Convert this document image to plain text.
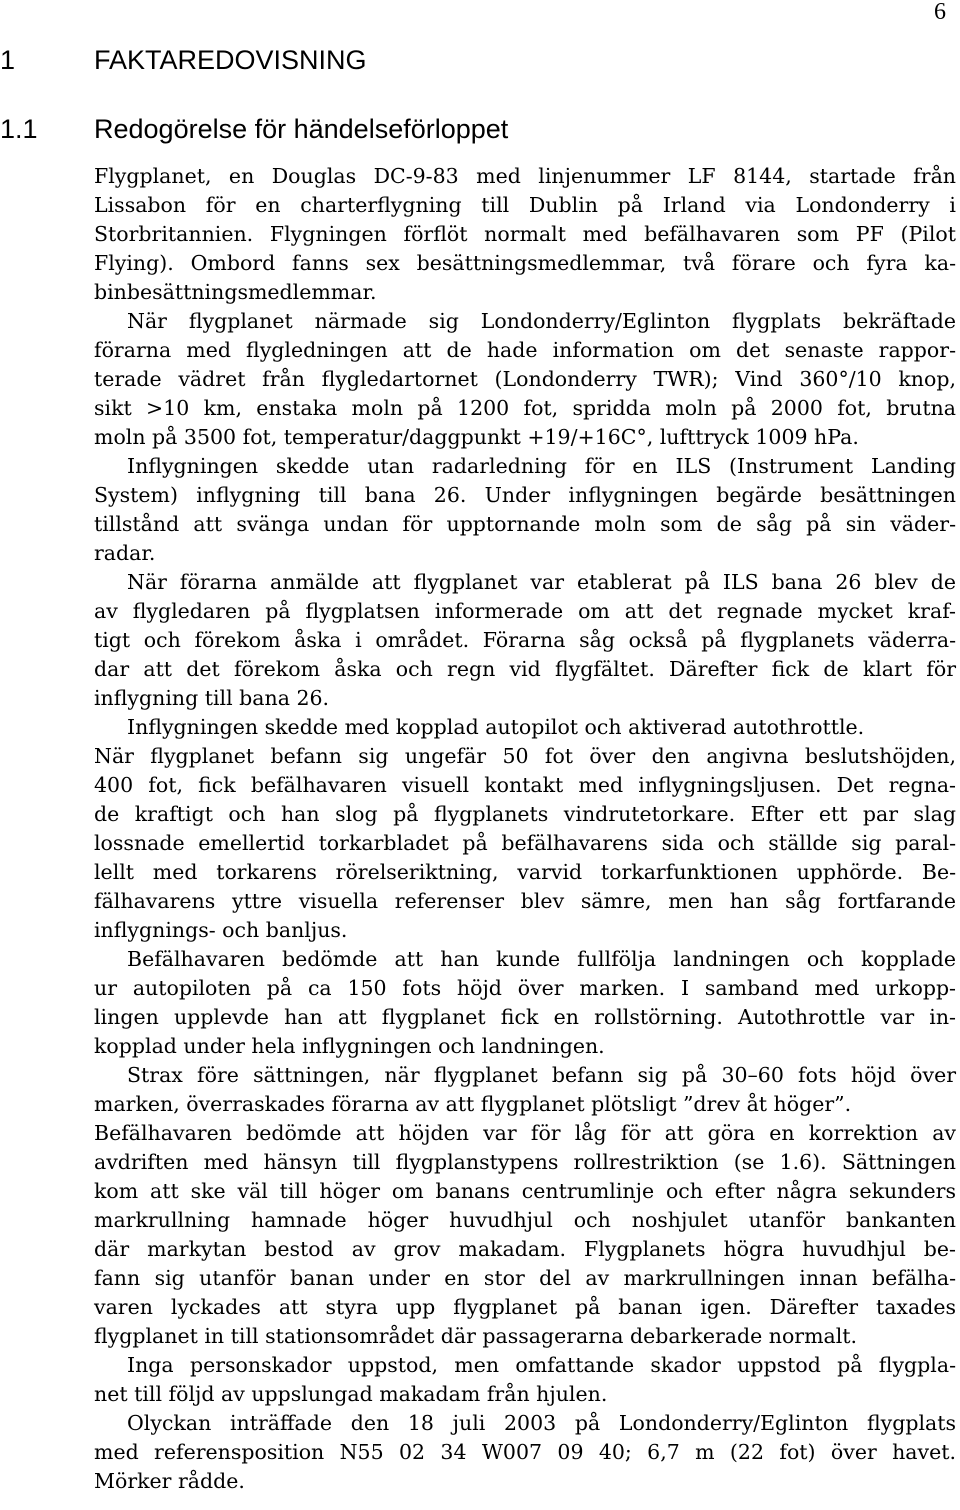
6
1	FAKTAREDOVISNING
1.1 Redogörelse för händelseförloppet
Flygplanet, en Douglas DC-9-83 med linjenummer LF 8144, startade från
Lissabon för en charterflygning till Dublin på Irland via Londonderry i
Storbritannien. Flygningen förflöt normalt med befälhavaren som PF (Pilot
Flying). Ombord fanns sex besättningsmedlemmar, två förare och fyra ka-
binbesättningsmedlemmar.
När flygplanet närmade sig Londonderry/Eglinton flygplats bekräftade
förarna med flygledningen att de hade information om det senaste rappor-
terade vädret från flygledartornet (Londonderry TWR); Vind 360°/10 knop,
sikt >10 km, enstaka moln på 1200 fot, spridda moln på 2000 fot, brutna
moln på 3500 fot, temperatur/daggpunkt +19/+16C°, lufttryck 1009 hPa.
Inflygningen skedde utan radarledning för en ILS (Instrument Landing
System) inflygning till bana 26. Under inflygningen begärde besättningen
tillstånd att svänga undan för upptornande moln som de såg på sin väder-
radar.
När förarna anmälde att flygplanet var etablerat på ILS bana 26 blev de
av flygledaren på flygplatsen informerade om att det regnade mycket kraf-
tigt och förekom åska i området. Förarna såg också på flygplanets väderra-
dar att det förekom åska och regn vid flygfältet. Därefter fick de klart för
inflygning till bana 26.
Inflygningen skedde med kopplad autopilot och aktiverad autothrottle.
När flygplanet befann sig ungefär 50 fot över den angivna beslutshöjden,
400 fot, fick befälhavaren visuell kontakt med inflygningsljusen. Det regna-
de kraftigt och han slog på flygplanets vindrutetorkare. Efter ett par slag
lossnade emellertid torkarbladet på befälhavarens sida och ställde sig paral-
lellt med torkarens rörelseriktning, varvid torkarfunktionen upphörde. Be-
fälhavarens yttre visuella referenser blev sämre, men han såg fortfarande
inflygnings- och banljus.
Befälhavaren bedömde att han kunde fullfölja landningen och kopplade
ur autopiloten på ca 150 fots höjd över marken. I samband med urkopp-
lingen upplevde han att flygplanet fick en rollstörning. Autothrottle var in-
kopplad under hela inflygningen och landningen.
Strax före sättningen, när flygplanet befann sig på 30–60 fots höjd över
marken, överraskades förarna av att flygplanet plötsligt ”drev åt höger”.
Befälhavaren bedömde att höjden var för låg för att göra en korrektion av
avdriften med hänsyn till flygplanstypens rollrestriktion (se 1.6). Sättningen
kom att ske väl till höger om banans centrumlinje och efter några sekunders
markrullning hamnade höger huvudhjul och noshjulet utanför bankanten
där markytan bestod av grov makadam. Flygplanets högra huvudhjul be-
fann sig utanför banan under en stor del av markrullningen innan befälha-
varen lyckades att styra upp flygplanet på banan igen. Därefter taxades
flygplanet in till stationsområdet där passagerarna debarkerade normalt.
Inga personskador uppstod, men omfattande skador uppstod på flygpla-
net till följd av uppslungad makadam från hjulen.
Olyckan inträffade den 18 juli 2003 på Londonderry/Eglinton flygplats
med referensposition N55 02 34 W007 09 40; 6,7 m (22 fot) över havet.
Mörker rådde.
